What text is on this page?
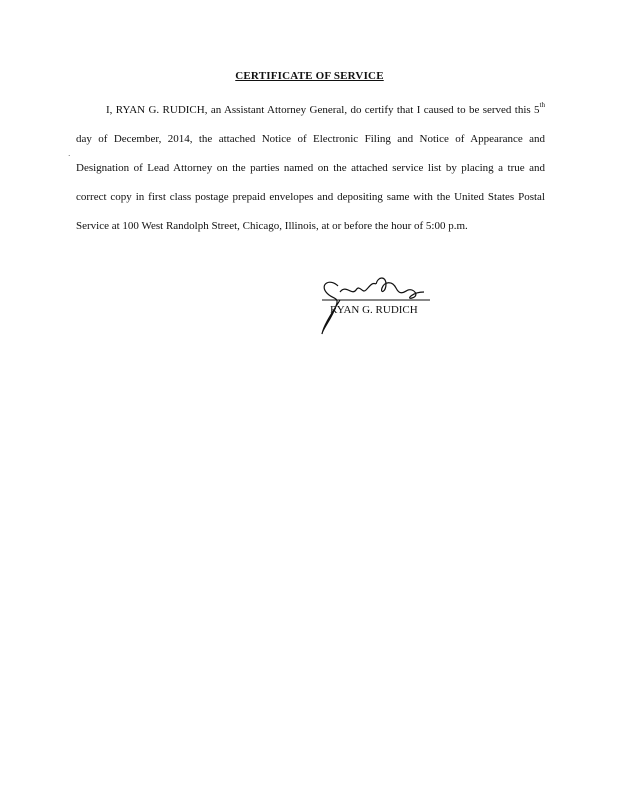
CERTIFICATE OF SERVICE
·
I, RYAN G. RUDICH, an Assistant Attorney General, do certify that I caused to be served this 5th day of December, 2014, the attached Notice of Electronic Filing and Notice of Appearance and Designation of Lead Attorney on the parties named on the attached service list by placing a true and correct copy in first class postage prepaid envelopes and depositing same with the United States Postal Service at 100 West Randolph Street, Chicago, Illinois, at or before the hour of 5:00 p.m.
RYAN G. RUDICH
